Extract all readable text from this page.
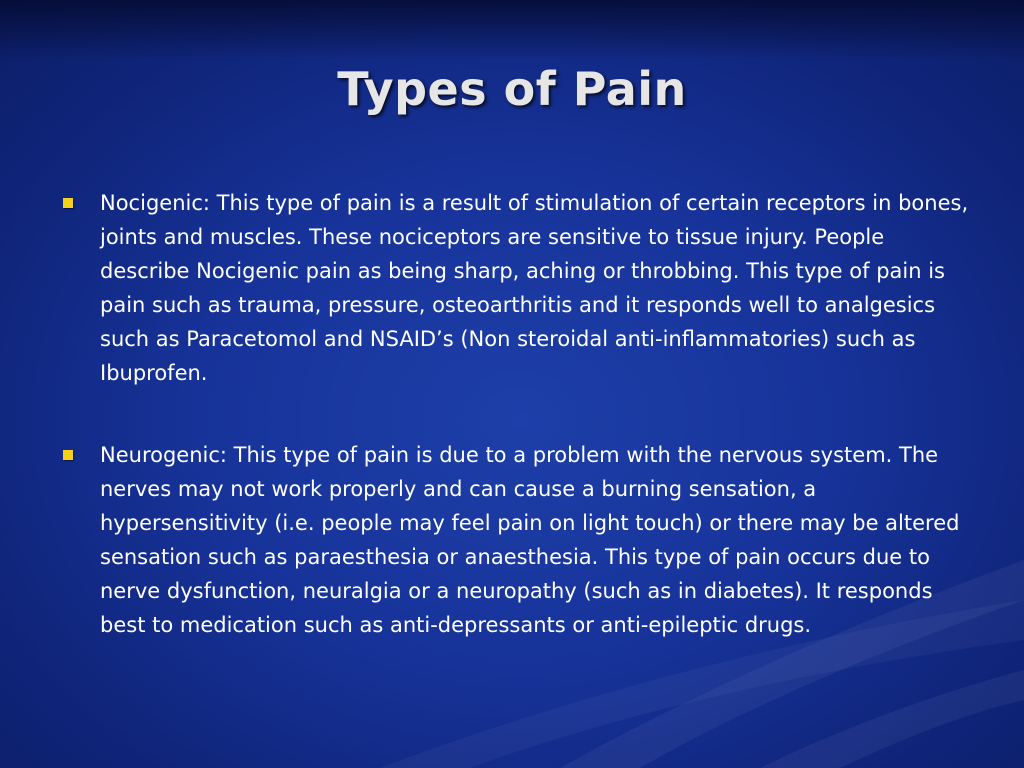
Types of Pain
Nocigenic: This type of pain is a result of stimulation of certain receptors in bones, joints and muscles. These nociceptors are sensitive to tissue injury. People describe Nocigenic pain as being sharp, aching or throbbing. This type of pain is pain such as trauma, pressure, osteoarthritis and it responds well to analgesics such as Paracetomol and NSAID’s (Non steroidal anti-inflammatories) such as Ibuprofen.
Neurogenic: This type of pain is due to a problem with the nervous system. The nerves may not work properly and can cause a burning sensation, a hypersensitivity (i.e. people may feel pain on light touch) or there may be altered sensation such as paraesthesia or anaesthesia. This type of pain occurs due to nerve dysfunction, neuralgia or a neuropathy (such as in diabetes). It responds best to medication such as anti-depressants or anti-epileptic drugs.
